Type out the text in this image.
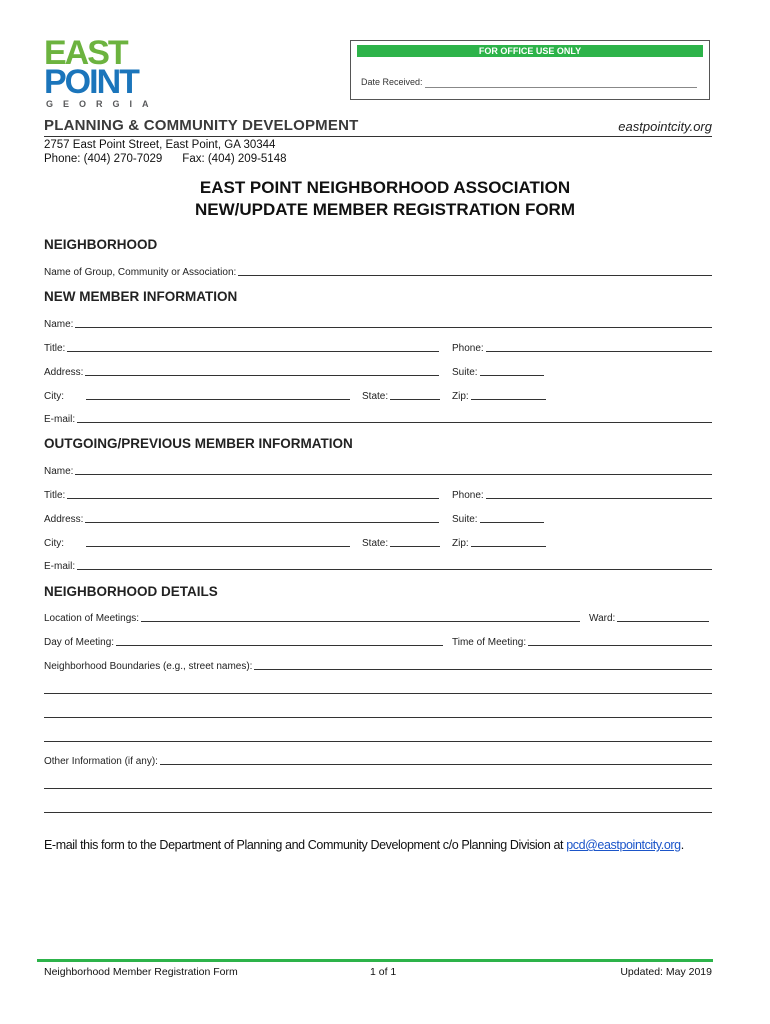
EAST
POINT
GEORGIA
FOR OFFICE USE ONLY
Date Received:
PLANNING & COMMUNITY DEVELOPMENT	eastpointcity.org
2757 East Point Street, East Point, GA 30344
Phone: (404) 270-7029 Fax: (404) 209-5148
EAST POINT NEIGHBORHOOD ASSOCIATION
NEW/UPDATE MEMBER REGISTRATION FORM
NEIGHBORHOOD
Name of Group, Community or Association:
NEW MEMBER INFORMATION
Name:
Title:	Phone:
Address:	Suite:
City:	State:	Zip:
E-mail:
OUTGOING/PREVIOUS MEMBER INFORMATION
Name:
Title:	Phone:
Address:	Suite:
City:	State:	Zip:
E-mail:
NEIGHBORHOOD DETAILS
Location of Meetings:	Ward:
Day of Meeting:	Time of Meeting:
Neighborhood Boundaries (e.g., street names):
Other Information (if any):
E-mail this form to the Department of Planning and Community Development c/o Planning Division at pcd@eastpointcity.org.
Neighborhood Member Registration Form	1 of 1	Updated: May 2019
